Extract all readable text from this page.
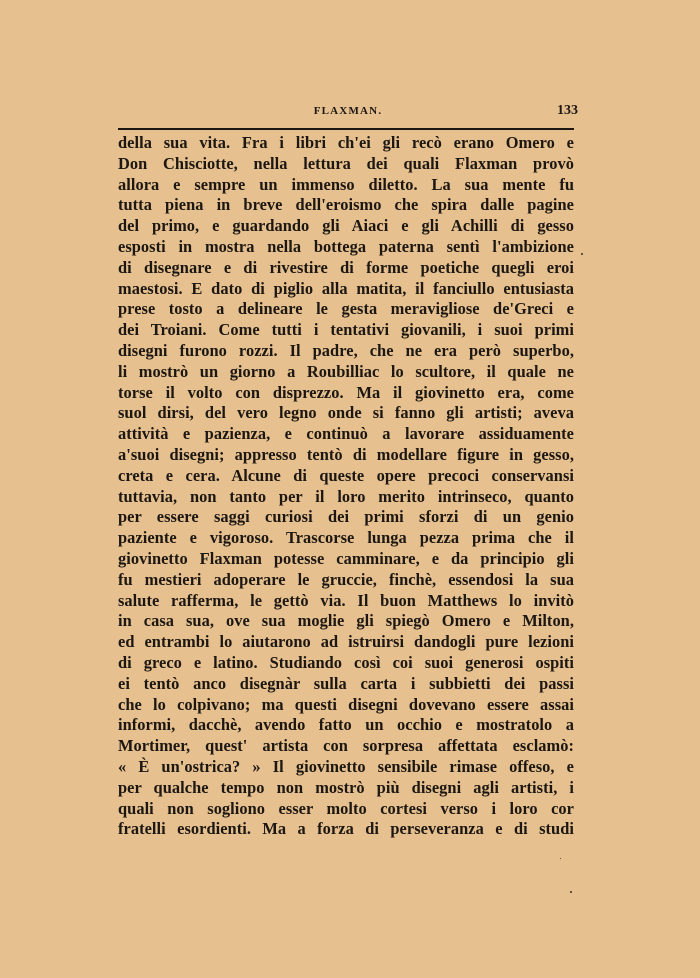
FLAXMAN.	133
della sua vita. Fra i libri ch'ei gli recò erano Omero e
Don Chisciotte, nella lettura dei quali Flaxman provò
allora e sempre un immenso diletto. La sua mente fu
tutta piena in breve dell'eroismo che spira dalle pagine
del primo, e guardando gli Aiaci e gli Achilli di gesso
esposti in mostra nella bottega paterna sentì l'ambizione
di disegnare e di rivestire di forme poetiche quegli eroi
maestosi. E dato di piglio alla matita, il fanciullo entusiasta
prese tosto a delineare le gesta meravigliose de'Greci e
dei Troiani. Come tutti i tentativi giovanili, i suoi primi
disegni furono rozzi. Il padre, che ne era però superbo,
li mostrò un giorno a Roubilliac lo scultore, il quale ne
torse il volto con disprezzo. Ma il giovinetto era, come
suol dirsi, del vero legno onde si fanno gli artisti; aveva
attività e pazienza, e continuò a lavorare assiduamente
a'suoi disegni; appresso tentò di modellare figure in gesso,
creta e cera. Alcune di queste opere precoci conservansi
tuttavia, non tanto per il loro merito intrinseco, quanto
per essere saggi curiosi dei primi sforzi di un genio
paziente e vigoroso. Trascorse lunga pezza prima che il
giovinetto Flaxman potesse camminare, e da principio gli
fu mestieri adoperare le gruccie, finchè, essendosi la sua
salute rafferma, le gettò via. Il buon Matthews lo invitò
in casa sua, ove sua moglie gli spiegò Omero e Milton,
ed entrambi lo aiutarono ad istruirsi dandogli pure lezioni
di greco e latino. Studiando così coi suoi generosi ospiti
ei tentò anco disegnàr sulla carta i subbietti dei passi
che lo colpivano; ma questi disegni dovevano essere assai
informi, dacchè, avendo fatto un occhio e mostratolo a
Mortimer, quest' artista con sorpresa affettata esclamò:
« È un'ostrica? » Il giovinetto sensibile rimase offeso, e
per qualche tempo non mostrò più disegni agli artisti, i
quali non sogliono esser molto cortesi verso i loro cor
fratelli esordienti. Ma a forza di perseveranza e di studi
